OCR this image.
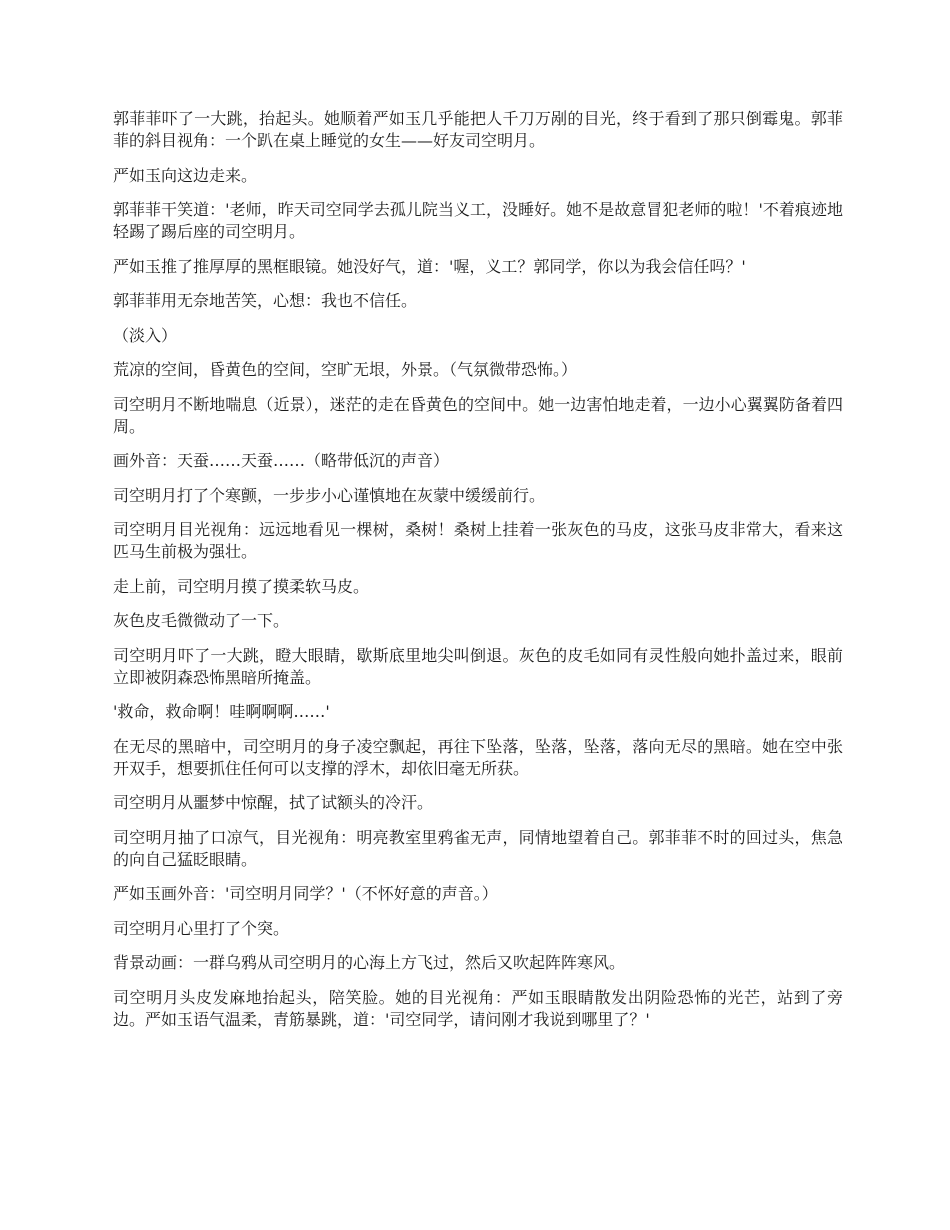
郭菲菲吓了一大跳，抬起头。她顺着严如玉几乎能把人千刀万剐的目光，终于看到了那只倒霉鬼。郭菲菲的斜目视角：一个趴在桌上睡觉的女生——好友司空明月。

严如玉向这边走来。

郭菲菲干笑道：'老师，昨天司空同学去孤儿院当义工，没睡好。她不是故意冒犯老师的啦！'不着痕迹地轻踢了踢后座的司空明月。

严如玉推了推厚厚的黑框眼镜。她没好气，道：'喔，义工？郭同学，你以为我会信任吗？'

郭菲菲用无奈地苦笑，心想：我也不信任。

（淡入）

荒凉的空间，昏黄色的空间，空旷无垠，外景。（气氛微带恐怖。）

司空明月不断地喘息（近景），迷茫的走在昏黄色的空间中。她一边害怕地走着，一边小心翼翼防备着四周。

画外音：天蚕……天蚕……（略带低沉的声音）

司空明月打了个寒颤，一步步小心谨慎地在灰蒙中缓缓前行。

司空明月目光视角：远远地看见一棵树，桑树！桑树上挂着一张灰色的马皮，这张马皮非常大，看来这匹马生前极为强壮。

走上前，司空明月摸了摸柔软马皮。

灰色皮毛微微动了一下。

司空明月吓了一大跳，瞪大眼睛，歇斯底里地尖叫倒退。灰色的皮毛如同有灵性般向她扑盖过来，眼前立即被阴森恐怖黑暗所掩盖。

'救命，救命啊！哇啊啊啊……'

在无尽的黑暗中，司空明月的身子凌空飘起，再往下坠落，坠落，坠落，落向无尽的黑暗。她在空中张开双手，想要抓住任何可以支撑的浮木，却依旧毫无所获。

司空明月从噩梦中惊醒，拭了试额头的冷汗。

司空明月抽了口凉气，目光视角：明亮教室里鸦雀无声，同情地望着自己。郭菲菲不时的回过头，焦急的向自己猛眨眼睛。

严如玉画外音：'司空明月同学？'（不怀好意的声音。）

司空明月心里打了个突。

背景动画：一群乌鸦从司空明月的心海上方飞过，然后又吹起阵阵寒风。

司空明月头皮发麻地抬起头，陪笑脸。她的目光视角：严如玉眼睛散发出阴险恐怖的光芒，站到了旁边。严如玉语气温柔，青筋暴跳，道：'司空同学，请问刚才我说到哪里了？'
